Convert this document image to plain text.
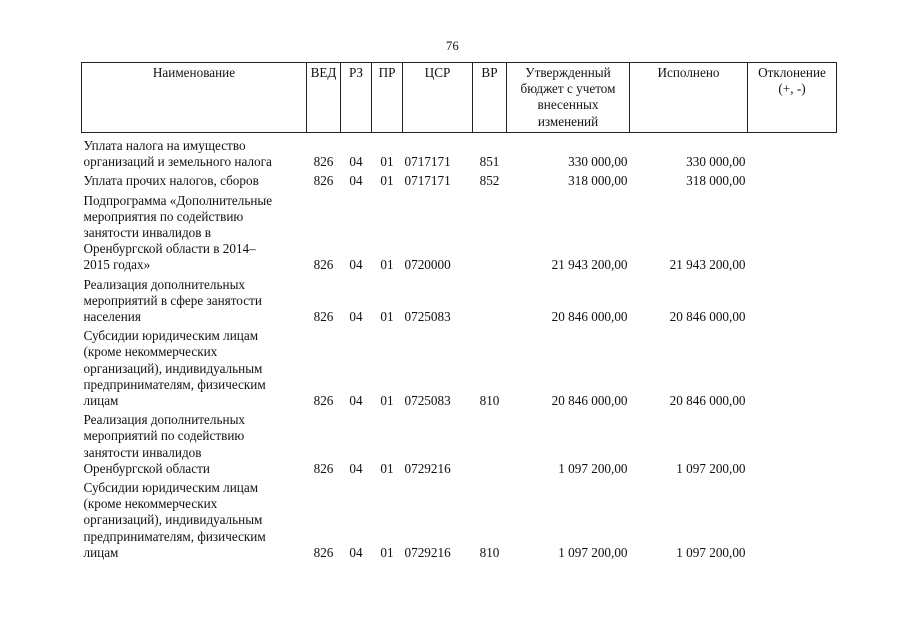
76
Наименование	ВЕД	РЗ	ПР	ЦСР	ВР	Утвержденный
бюджет с учетом
внесенных
изменений	Исполнено	Отклонение
(+, -)

Уплата налога на имущество
организаций и земельного налога	826	04	01	0717171	851	330 000,00	330 000,00	
Уплата прочих налогов, сборов	826	04	01	0717171	852	318 000,00	318 000,00	
Подпрограмма «Дополнительные
мероприятия по содействию
занятости инвалидов в
Оренбургской области в 2014–
2015 годах»	826	04	01	0720000		21 943 200,00	21 943 200,00	
Реализация дополнительных
мероприятий в сфере занятости
населения	826	04	01	0725083		20 846 000,00	20 846 000,00	
Субсидии юридическим лицам
(кроме некоммерческих
организаций), индивидуальным
предпринимателям, физическим
лицам	826	04	01	0725083	810	20 846 000,00	20 846 000,00	
Реализация дополнительных
мероприятий по содействию
занятости инвалидов
Оренбургской области	826	04	01	0729216		1 097 200,00	1 097 200,00	
Субсидии юридическим лицам
(кроме некоммерческих
организаций), индивидуальным
предпринимателям, физическим
лицам	826	04	01	0729216	810	1 097 200,00	1 097 200,00	
